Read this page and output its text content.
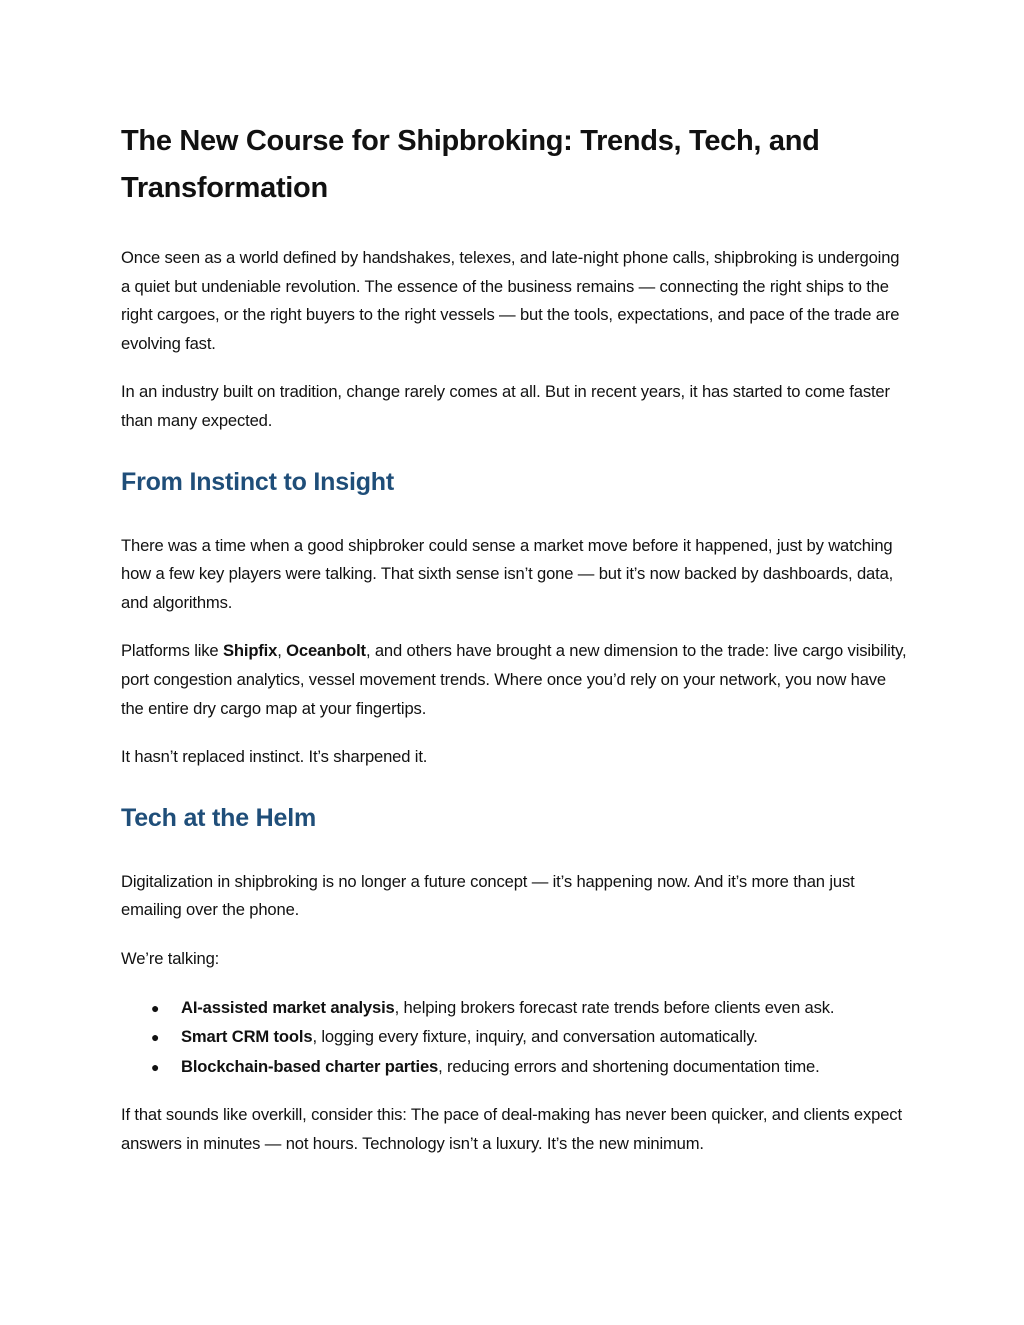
The New Course for Shipbroking: Trends, Tech, and Transformation

Once seen as a world defined by handshakes, telexes, and late-night phone calls, shipbroking is undergoing a quiet but undeniable revolution. The essence of the business remains — connecting the right ships to the right cargoes, or the right buyers to the right vessels — but the tools, expectations, and pace of the trade are evolving fast.

In an industry built on tradition, change rarely comes at all. But in recent years, it has started to come faster than many expected.

From Instinct to Insight

There was a time when a good shipbroker could sense a market move before it happened, just by watching how a few key players were talking. That sixth sense isn’t gone — but it’s now backed by dashboards, data, and algorithms.

Platforms like Shipfix, Oceanbolt, and others have brought a new dimension to the trade: live cargo visibility, port congestion analytics, vessel movement trends. Where once you’d rely on your network, you now have the entire dry cargo map at your fingertips.

It hasn’t replaced instinct. It’s sharpened it.

Tech at the Helm

Digitalization in shipbroking is no longer a future concept — it’s happening now. And it’s more than just emailing over the phone.

We’re talking:

● AI-assisted market analysis, helping brokers forecast rate trends before clients even ask.
● Smart CRM tools, logging every fixture, inquiry, and conversation automatically.
● Blockchain-based charter parties, reducing errors and shortening documentation time.

If that sounds like overkill, consider this: The pace of deal-making has never been quicker, and clients expect answers in minutes — not hours. Technology isn’t a luxury. It’s the new minimum.
